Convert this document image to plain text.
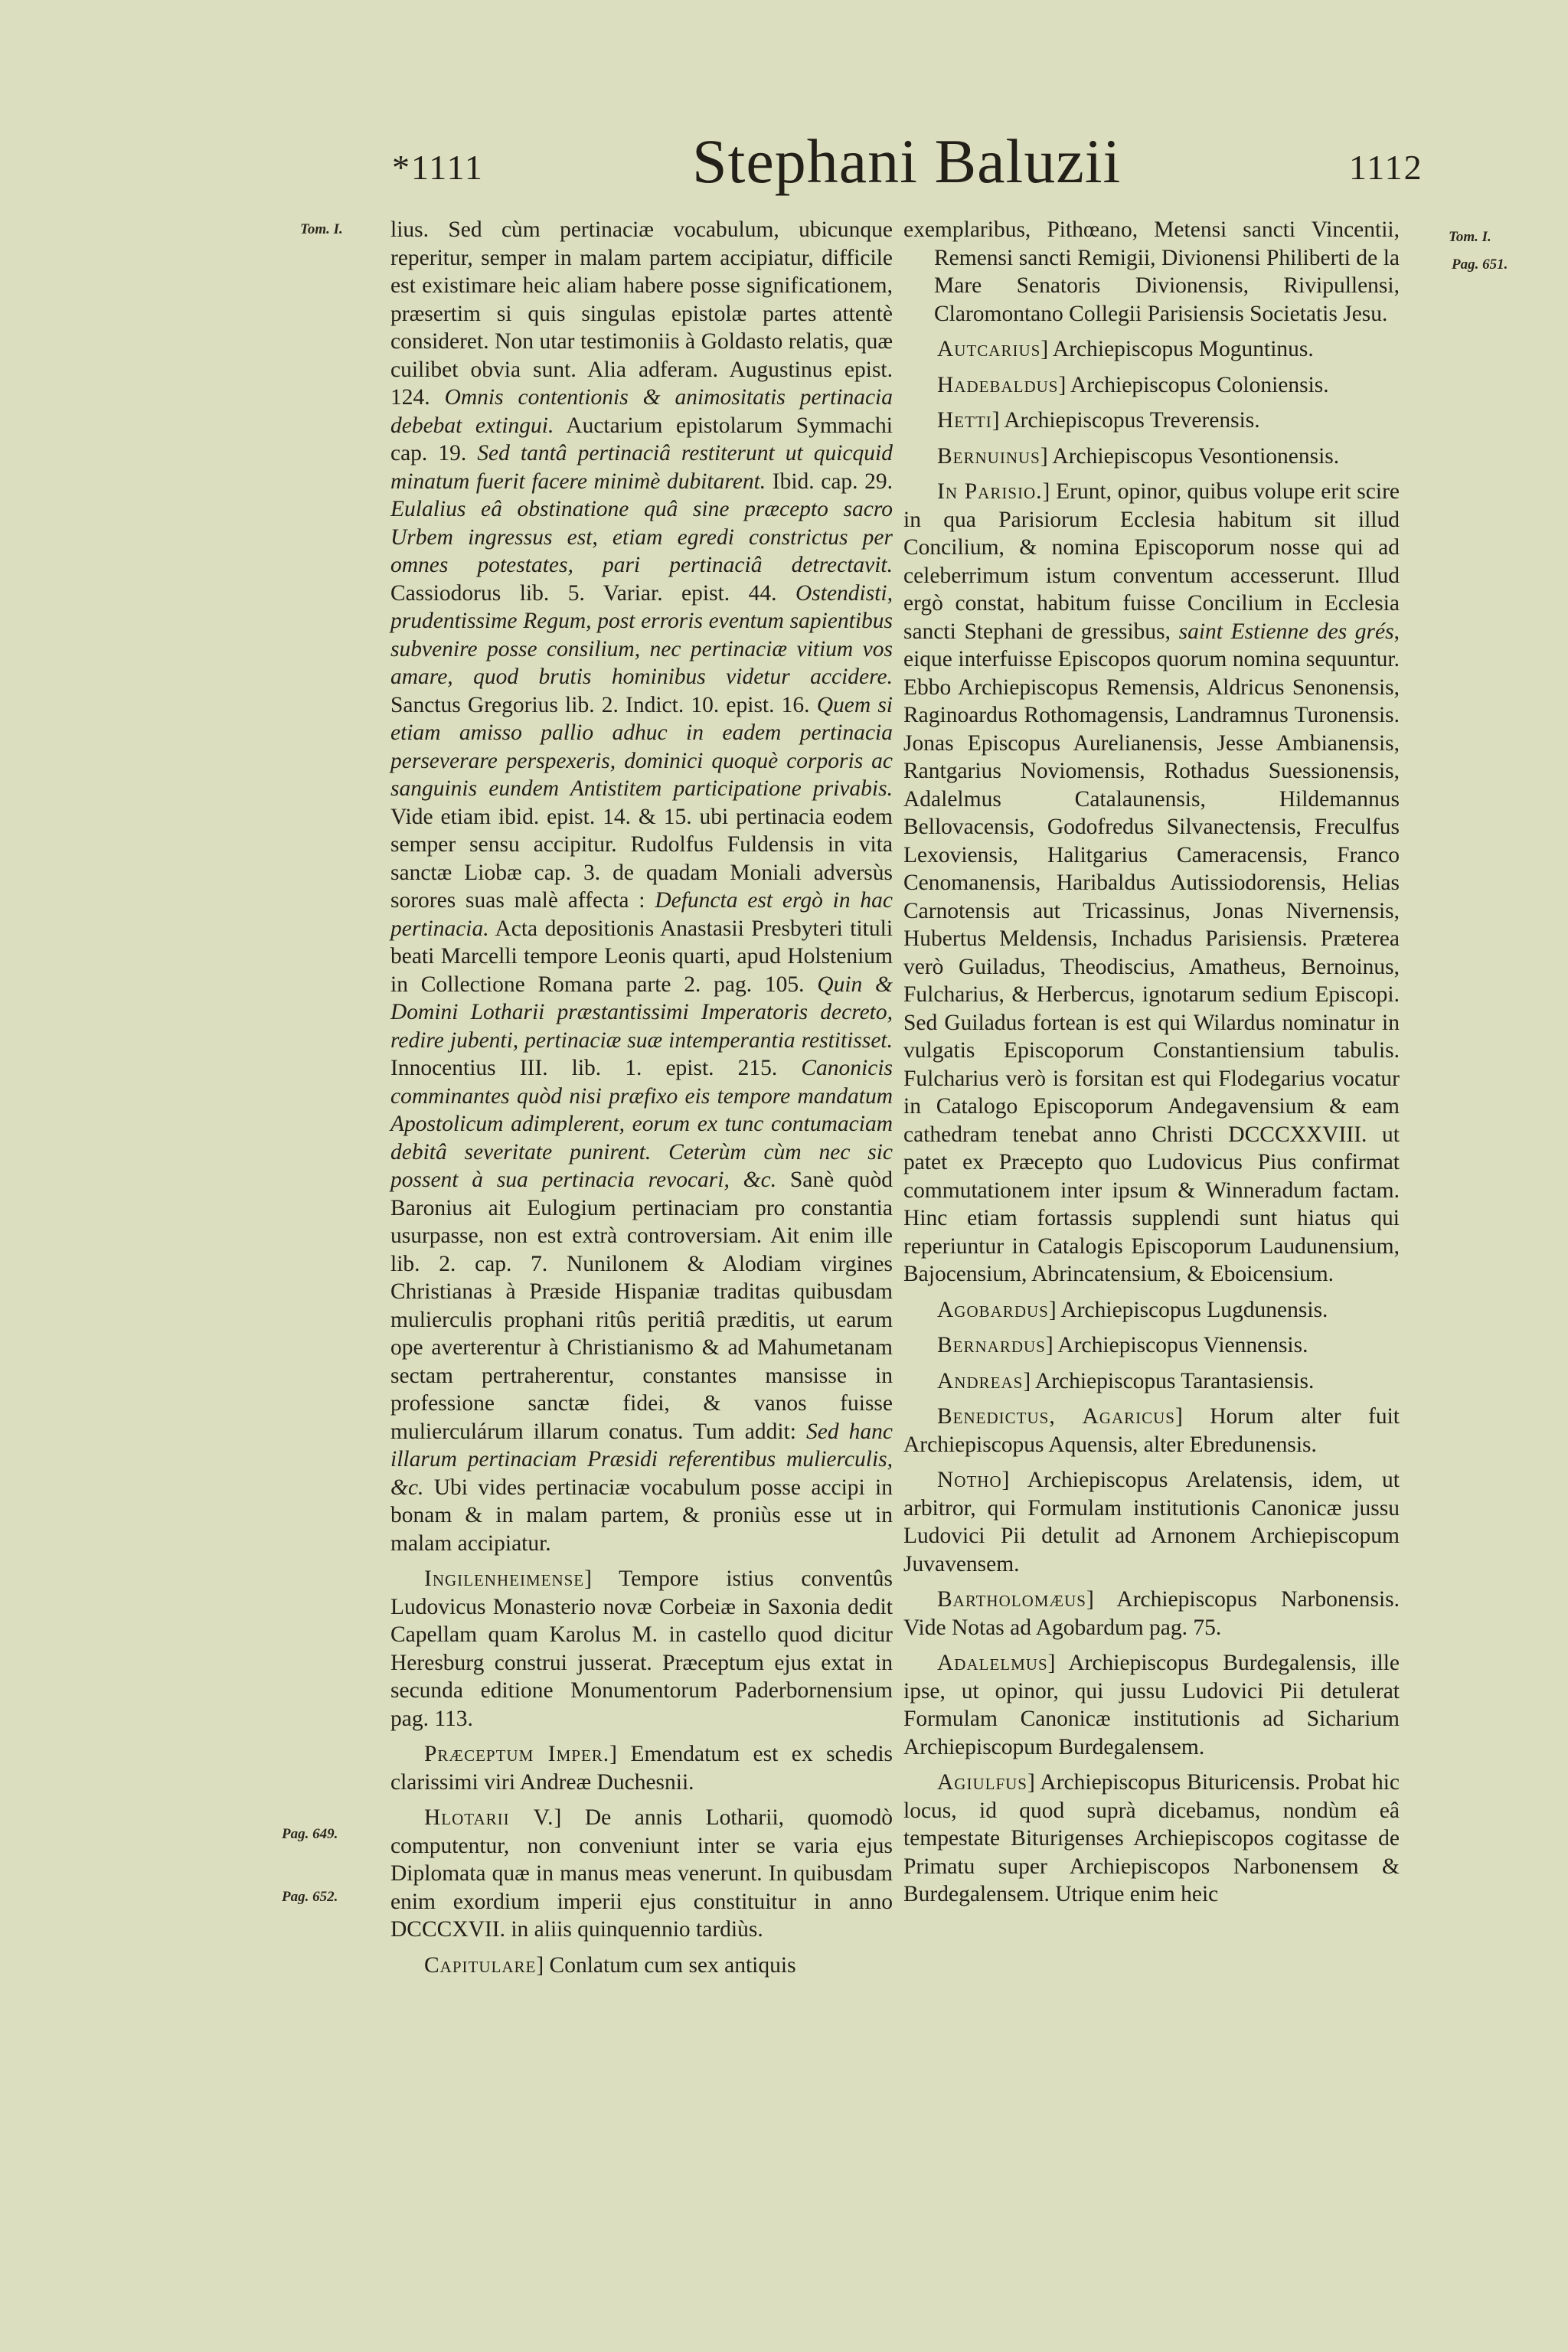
*1111	Stephani Baluzii	1112
Tom. I.	Tom. I.
Pag. 651.
Pag. 649.
Pag. 652.

lius. Sed cùm pertinaciæ vocabulum, ubicunque reperitur, semper in malam partem accipiatur, difficile est existimare heic aliam habere posse significationem, præsertim si quis singulas epistolæ partes attentè consideret. Non utar testimoniis à Goldasto relatis, quæ cuilibet obvia sunt. Alia adferam. Augustinus epist. 124. Omnis contentionis & animositatis pertinacia debebat extingui. Auctarium epistolarum Symmachi cap. 19. Sed tantâ pertinaciâ restiterunt ut quicquid minatum fuerit facere minimè dubitarent. Ibid. cap. 29. Eulalius eâ obstinatione quâ sine præcepto sacro Urbem ingressus est, etiam egredi constrictus per omnes potestates, pari pertinaciâ detrectavit. Cassiodorus lib. 5. Variar. epist. 44. Ostendisti, prudentissime Regum, post erroris eventum sapientibus subvenire posse consilium, nec pertinaciæ vitium vos amare, quod brutis hominibus videtur accidere. Sanctus Gregorius lib. 2. Indict. 10. epist. 16. Quem si etiam amisso pallio adhuc in eadem pertinacia perseverare perspexeris, dominici quoquè corporis ac sanguinis eundem Antistitem participatione privabis. Vide etiam ibid. epist. 14. & 15. ubi pertinacia eodem semper sensu accipitur. Rudolfus Fuldensis in vita sanctæ Liobæ cap. 3. de quadam Moniali adversùs sorores suas malè affecta : Defuncta est ergò in hac pertinacia. Acta depositionis Anastasii Presbyteri tituli beati Marcelli tempore Leonis quarti, apud Holstenium in Collectione Romana parte 2. pag. 105. Quin & Domini Lotharii præstantissimi Imperatoris decreto, redire jubenti, pertinaciæ suæ intemperantia restitisset. Innocentius III. lib. 1. epist. 215. Canonicis comminantes quòd nisi præfixo eis tempore mandatum Apostolicum adimplerent, eorum ex tunc contumaciam debitâ severitate punirent. Ceterùm cùm nec sic possent à sua pertinacia revocari, &c. Sanè quòd Baronius ait Eulogium pertinaciam pro constantia usurpasse, non est extrà controversiam. Ait enim ille lib. 2. cap. 7. Nunilonem & Alodiam virgines Christianas à Præside Hispaniæ traditas quibusdam mulierculis prophani ritûs peritiâ præditis, ut earum ope averterentur à Christianismo & ad Mahumetanam sectam pertraherentur, constantes mansisse in professione sanctæ fidei, & vanos fuisse mulierculárum illarum conatus. Tum addit: Sed hanc illarum pertinaciam Præsidi referentibus mulierculis, &c. Ubi vides pertinaciæ vocabulum posse accipi in bonam & in malam partem, & proniùs esse ut in malam accipiatur.

Ingilenheimense] Tempore istius conventûs Ludovicus Monasterio novæ Corbeiæ in Saxonia dedit Capellam quam Karolus M. in castello quod dicitur Heresburg construi jusserat. Præceptum ejus extat in secunda editione Monumentorum Paderbornensium pag. 113.

Præceptum Imper.] Emendatum est ex schedis clarissimi viri Andreæ Duchesnii.

Hlotarii V.] De annis Lotharii, quomodò computentur, non conveniunt inter se varia ejus Diplomata quæ in manus meas venerunt. In quibusdam enim exordium imperii ejus constituitur in anno DCCCXVII. in aliis quinquennio tardiùs.

Capitulare] Conlatum cum sex antiquis

exemplaribus, Pithœano, Metensi sancti Vincentii, Remensi sancti Remigii, Divionensi Philiberti de la Mare Senatoris Divionensis, Rivipullensi, Claromontano Collegii Parisiensis Societatis Jesu.

Autcarius] Archiepiscopus Moguntinus.

Hadebaldus] Archiepiscopus Coloniensis.

Hetti] Archiepiscopus Treverensis.

Bernuinus] Archiepiscopus Vesontionensis.

In Parisio.] Erunt, opinor, quibus volupe erit scire in qua Parisiorum Ecclesia habitum sit illud Concilium, & nomina Episcoporum nosse qui ad celeberrimum istum conventum accesserunt. Illud ergò constat, habitum fuisse Concilium in Ecclesia sancti Stephani de gressibus, saint Estienne des grés, eique interfuisse Episcopos quorum nomina sequuntur. Ebbo Archiepiscopus Remensis, Aldricus Senonensis, Raginoardus Rothomagensis, Landramnus Turonensis. Jonas Episcopus Aurelianensis, Jesse Ambianensis, Rantgarius Noviomensis, Rothadus Suessionensis, Adalelmus Catalaunensis, Hildemannus Bellovacensis, Godofredus Silvanectensis, Freculfus Lexoviensis, Halitgarius Cameracensis, Franco Cenomanensis, Haribaldus Autissiodorensis, Helias Carnotensis aut Tricassinus, Jonas Nivernensis, Hubertus Meldensis, Inchadus Parisiensis. Præterea verò Guiladus, Theodiscius, Amatheus, Bernoinus, Fulcharius, & Herbercus, ignotarum sedium Episcopi. Sed Guiladus fortean is est qui Wilardus nominatur in vulgatis Episcoporum Constantiensium tabulis. Fulcharius verò is forsitan est qui Flodegarius vocatur in Catalogo Episcoporum Andegavensium & eam cathedram tenebat anno Christi DCCCXXVIII. ut patet ex Præcepto quo Ludovicus Pius confirmat commutationem inter ipsum & Winneradum factam. Hinc etiam fortassis supplendi sunt hiatus qui reperiuntur in Catalogis Episcoporum Laudunensium, Bajocensium, Abrincatensium, & Eboicensium.

Agobardus] Archiepiscopus Lugdunensis.

Bernardus] Archiepiscopus Viennensis.

Andreas] Archiepiscopus Tarantasiensis.

Benedictus, Agaricus] Horum alter fuit Archiepiscopus Aquensis, alter Ebredunensis.

Notho] Archiepiscopus Arelatensis, idem, ut arbitror, qui Formulam institutionis Canonicæ jussu Ludovici Pii detulit ad Arnonem Archiepiscopum Juvavensem.

Bartholomæus] Archiepiscopus Narbonensis. Vide Notas ad Agobardum pag. 75.

Adalelmus] Archiepiscopus Burdegalensis, ille ipse, ut opinor, qui jussu Ludovici Pii detulerat Formulam Canonicæ institutionis ad Sicharium Archiepiscopum Burdegalensem.

Agiulfus] Archiepiscopus Bituricensis. Probat hic locus, id quod suprà dicebamus, nondùm eâ tempestate Biturigenses Archiepiscopos cogitasse de Primatu super Archiepiscopos Narbonensem & Burdegalensem. Utrique enim heic
